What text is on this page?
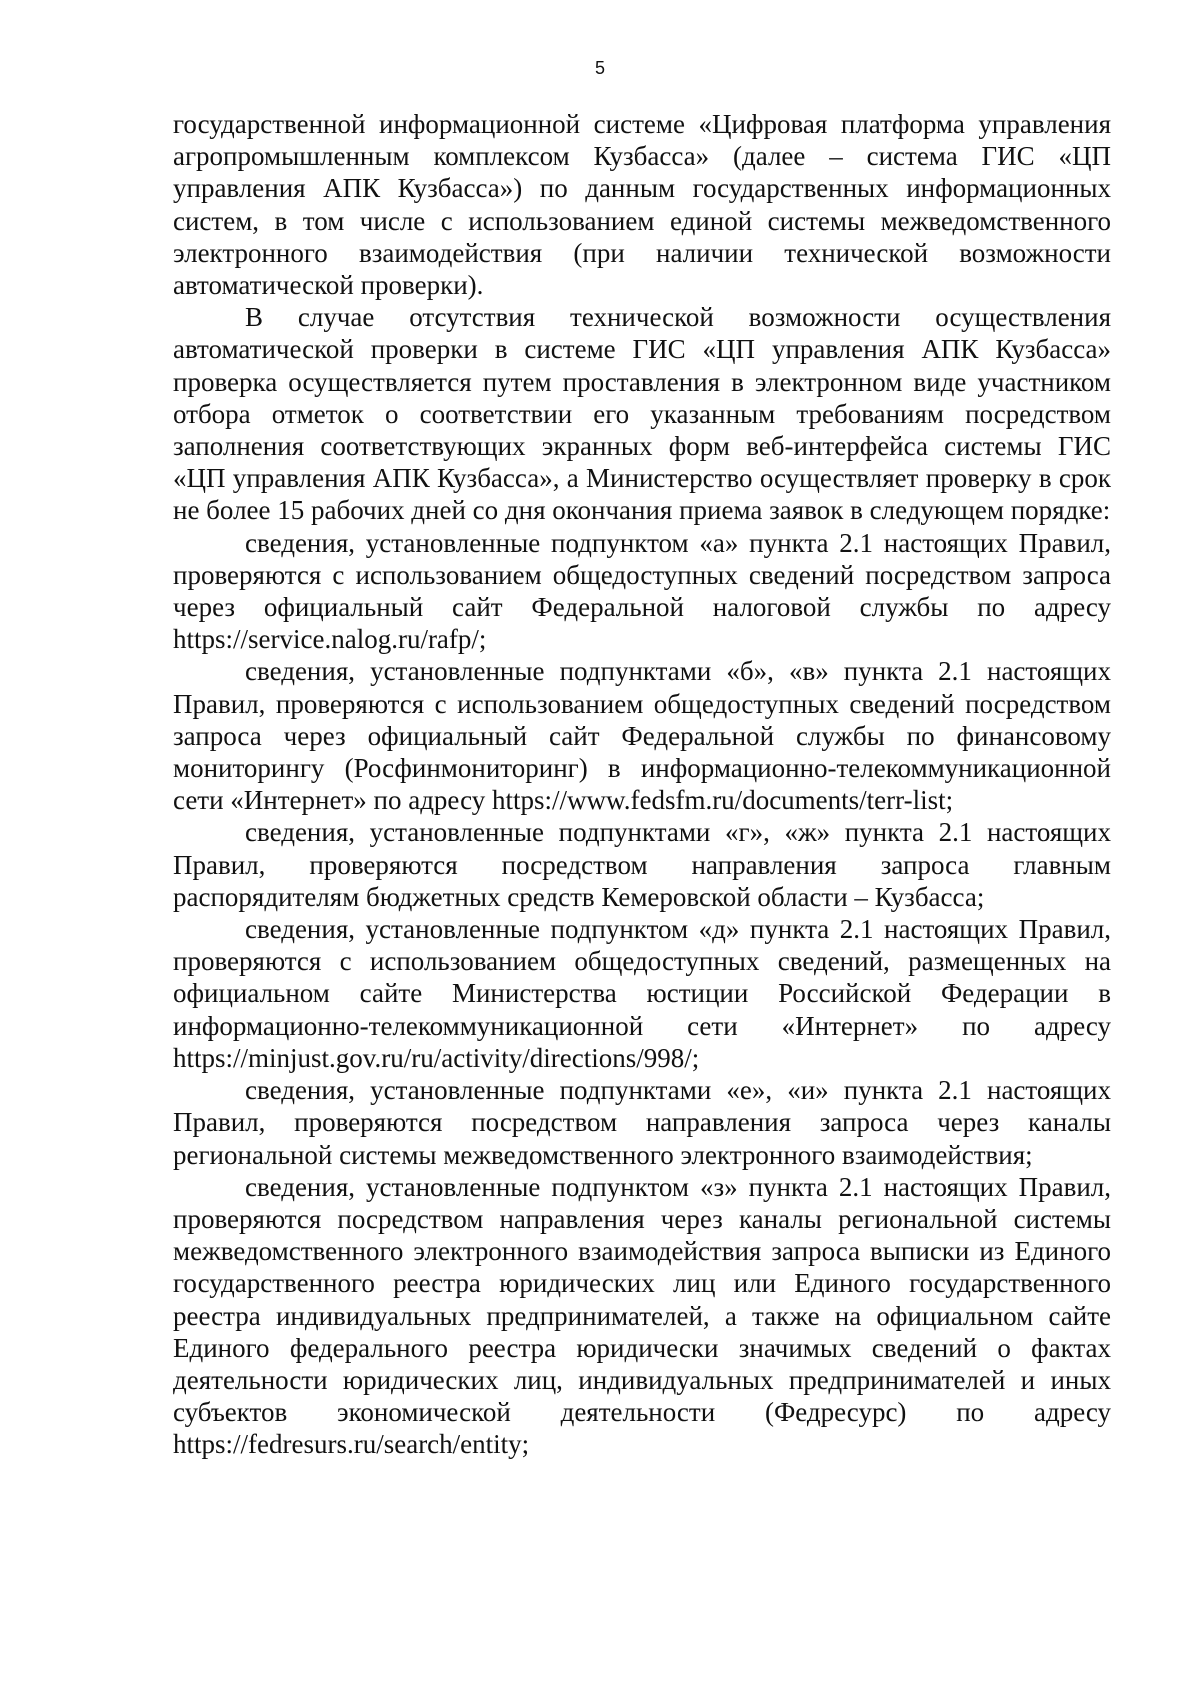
5

государственной информационной системе «Цифровая платформа управления агропромышленным комплексом Кузбасса» (далее – система ГИС «ЦП управления АПК Кузбасса») по данным государственных информационных систем, в том числе с использованием единой системы межведомственного электронного взаимодействия (при наличии технической возможности автоматической проверки).

В случае отсутствия технической возможности осуществления автоматической проверки в системе ГИС «ЦП управления АПК Кузбасса» проверка осуществляется путем проставления в электронном виде участником отбора отметок о соответствии его указанным требованиям посредством заполнения соответствующих экранных форм веб-интерфейса системы ГИС «ЦП управления АПК Кузбасса», а Министерство осуществляет проверку в срок не более 15 рабочих дней со дня окончания приема заявок в следующем порядке:

сведения, установленные подпунктом «а» пункта 2.1 настоящих Правил, проверяются с использованием общедоступных сведений посредством запроса через официальный сайт Федеральной налоговой службы по адресу https://service.nalog.ru/rafp/;

сведения, установленные подпунктами «б», «в» пункта 2.1 настоящих Правил, проверяются с использованием общедоступных сведений посредством запроса через официальный сайт Федеральной службы по финансовому мониторингу (Росфинмониторинг) в информационно-телекоммуникационной сети «Интернет» по адресу https://www.fedsfm.ru/documents/terr-list;

сведения, установленные подпунктами «г», «ж» пункта 2.1 настоящих Правил, проверяются посредством направления запроса главным распорядителям бюджетных средств Кемеровской области – Кузбасса;

сведения, установленные подпунктом «д» пункта 2.1 настоящих Правил, проверяются с использованием общедоступных сведений, размещенных на официальном сайте Министерства юстиции Российской Федерации в информационно-телекоммуникационной сети «Интернет» по адресу https://minjust.gov.ru/ru/activity/directions/998/;

сведения, установленные подпунктами «е», «и» пункта 2.1 настоящих Правил, проверяются посредством направления запроса через каналы региональной системы межведомственного электронного взаимодействия;

сведения, установленные подпунктом «з» пункта 2.1 настоящих Правил, проверяются посредством направления через каналы региональной системы межведомственного электронного взаимодействия запроса выписки из Единого государственного реестра юридических лиц или Единого государственного реестра индивидуальных предпринимателей, а также на официальном сайте Единого федерального реестра юридически значимых сведений о фактах деятельности юридических лиц, индивидуальных предпринимателей и иных субъектов экономической деятельности (Федресурс) по адресу https://fedresurs.ru/search/entity;
